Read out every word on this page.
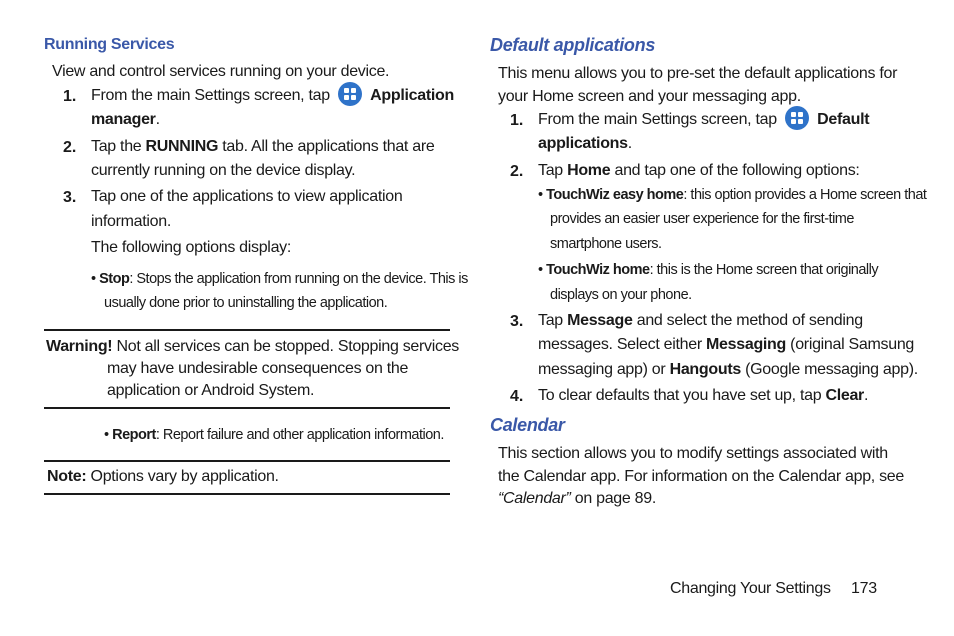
Running Services
View and control services running on your device.
1. From the main Settings screen, tap	Application
manager.
2. Tap the RUNNING tab. All the applications that are
currently running on the device display.
3. Tap one of the applications to view application
information.
The following options display:
• Stop: Stops the application from running on the device. This is
usually done prior to uninstalling the application.
Warning! Not all services can be stopped. Stopping services
may have undesirable consequences on the
application or Android System.
• Report: Report failure and other application information.
Note: Options vary by application.
Default applications
This menu allows you to pre-set the default applications for
your Home screen and your messaging app.
1. From the main Settings screen, tap	Default
applications.
2. Tap Home and tap one of the following options:
• TouchWiz easy home: this option provides a Home screen that
provides an easier user experience for the first-time
smartphone users.
• TouchWiz home: this is the Home screen that originally
displays on your phone.
3. Tap Message and select the method of sending
messages. Select either Messaging (original Samsung
messaging app) or Hangouts (Google messaging app).
4. To clear defaults that you have set up, tap Clear.
Calendar
This section allows you to modify settings associated with
the Calendar app. For information on the Calendar app, see
“Calendar” on page 89.
Changing Your Settings 173
